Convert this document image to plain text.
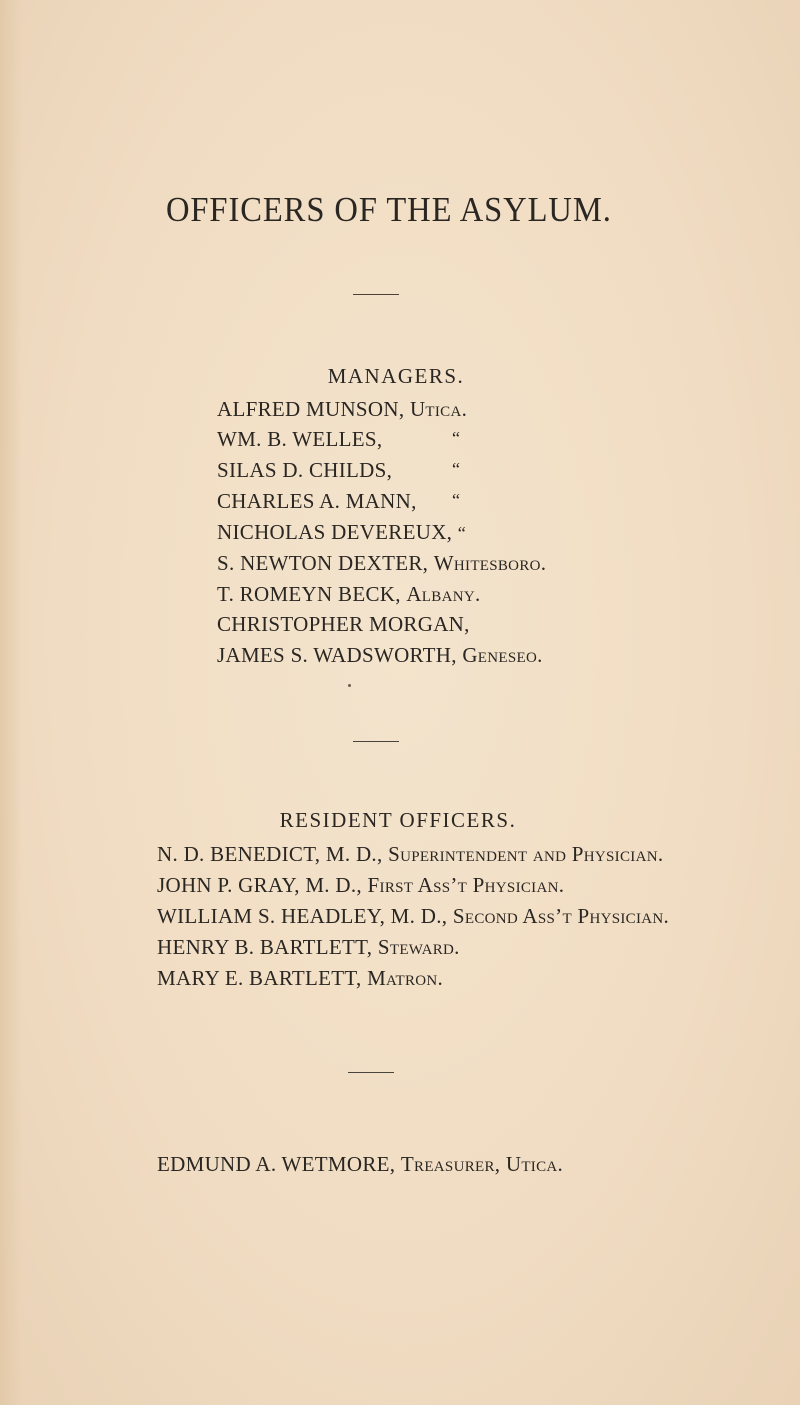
OFFICERS OF THE ASYLUM.
MANAGERS.
ALFRED MUNSON, Utica.
WM. B. WELLES,	“
SILAS D. CHILDS,	“
CHARLES A. MANN, “
NICHOLAS DEVEREUX, “
S. NEWTON DEXTER, Whitesboro.
T. ROMEYN BECK, Albany.
CHRISTOPHER MORGAN,
JAMES S. WADSWORTH, Geneseo.
RESIDENT OFFICERS.
N. D. BENEDICT, M. D., Superintendent and Physician.
JOHN P. GRAY, M. D., First Ass’t Physician.
WILLIAM S. HEADLEY, M. D., Second Ass’t Physician.
HENRY B. BARTLETT, Steward.
MARY E. BARTLETT, Matron.
EDMUND A. WETMORE, Treasurer, Utica.
